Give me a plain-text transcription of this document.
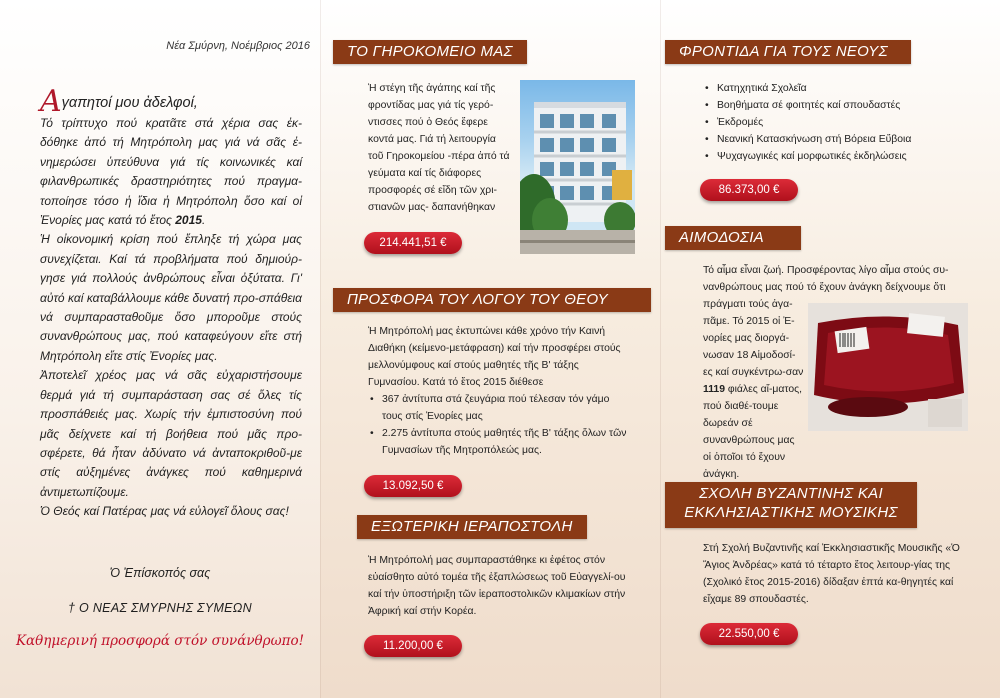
Νέα Σμύρνη, Νοέμβριος 2016
Αγαπητοί μου ἀδελφοί,

Τό τρίπτυχο πού κρατᾶτε στά χέρια σας ἐκ-δόθηκε ἀπό τή Μητρόπολη μας γιά νά σᾶς ἐ-νημερώσει ὑπεύθυνα γιά τίς κοινωνικές καί φιλανθρωπικές δραστηριότητες πού πραγμα-τοποίησε τόσο ἡ ἴδια ἡ Μητρόπολη ὅσο καί οἱ Ἐνορίες μας κατά τό ἔτος 2015.

Ἡ οἰκονομική κρίση πού ἔπληξε τή χώρα μας συνεχίζεται. Καί τά προβλήματα πού δημιούρ-γησε γιά πολλούς ἀνθρώπους εἶναι ὀξύτατα. Γι' αὐτό καί καταβάλλουμε κάθε δυνατή προ-σπάθεια νά συμπαρασταθοῦμε ὅσο μποροῦμε στούς συνανθρώπους μας, πού καταφεύγουν εἴτε στή Μητρόπολη εἴτε στίς Ἐνορίες μας.

Ἀποτελεῖ χρέος μας νά σᾶς εὐχαριστήσουμε θερμά γιά τή συμπαράσταση σας σέ ὅλες τίς προσπάθειές μας. Χωρίς τήν ἐμπιστοσύνη πού μᾶς δείχνετε καί τή βοήθεια πού μᾶς προ-σφέρετε, θά ἦταν ἀδύνατο νά ἀνταποκριθοῦ-με στίς αὐξημένες ἀνάγκες πού καθημερινά ἀντιμετωπίζουμε.

Ὁ Θεός καί Πατέρας μας νά εὐλογεῖ ὅλους σας!

Ὁ Ἐπίσκοπός σας
† Ο ΝΕΑΣ ΣΜΥΡΝΗΣ ΣΥΜΕΩΝ
Καθημερινή προσφορά στόν συνάνθρωπο!
ΤΟ ΓΗΡΟΚΟΜΕΙΟ ΜΑΣ
Ἡ στέγη τῆς ἀγάπης καί τῆς φροντίδας μας γιά τίς γερό-ντισσες πού ὁ Θεός ἔφερε κοντά μας. Γιά τή λειτουργία τοῦ Γηροκομείου -πέρα ἀπό τά γεύματα καί τίς διάφορες προσφορές σέ εἴδη τῶν χρι-στιανῶν μας- δαπανήθηκαν
214.441,51 €
ΠΡΟΣΦΟΡΑ ΤΟΥ ΛΟΓΟΥ ΤΟΥ ΘΕΟΥ
Ἡ Μητρόπολή μας ἐκτυπώνει κάθε χρόνο τήν Καινή Διαθήκη (κείμενο-μετάφραση) καί τήν προσφέρει στούς μελλονύμφους καί στούς μαθητές τῆς Β' τάξης Γυμνασίου. Κατά τό ἔτος 2015 διέθεσε
• 367 ἀντίτυπα στά ζευγάρια πού τέλεσαν τόν γάμο τους στίς Ἐνορίες μας
• 2.275 ἀντίτυπα στούς μαθητές τῆς Β' τάξης ὅλων τῶν Γυμνασίων τῆς Μητροπόλεώς μας.
13.092,50 €
ΕΞΩΤΕΡΙΚΗ ΙΕΡΑΠΟΣΤΟΛΗ
Ἡ Μητρόπολή μας συμπαραστάθηκε κι ἐφέτος στόν εὐαίσθητο αὐτό τομέα τῆς ἐξαπλώσεως τοῦ Εὐαγγελί-ου καί τήν ὑποστήριξη τῶν ἱεραποστολικῶν κλιμακίων στήν Ἀφρική καί στήν Κορέα.
11.200,00 €
ΦΡΟΝΤΙΔΑ ΓΙΑ ΤΟΥΣ ΝΕΟΥΣ
• Κατηχητικά Σχολεῖα
• Βοηθήματα σέ φοιτητές καί σπουδαστές
• Ἐκδρομές
• Νεανική Κατασκήνωση στή Βόρεια Εὔβοια
• Ψυχαγωγικές καί μορφωτικές ἐκδηλώσεις
86.373,00 €
ΑΙΜΟΔΟΣΙΑ
Τό αἷμα εἶναι ζωή. Προσφέροντας λίγο αἷμα στούς συ-νανθρώπους μας πού τό ἔχουν ἀνάγκη δείχνουμε ὅτι πράγματι τούς ἀγα-
πᾶμε. Τό 2015 οἱ Ἐ-νορίες μας διοργά-νωσαν 18 Αἱμοδοσί-ες καί συγκέντρω-σαν 1119 φιάλες αἵ-ματος, πού διαθέ-τουμε δωρεάν σέ συνανθρώπους μας οἱ ὁποῖοι τό ἔχουν ἀνάγκη.
ΣΧΟΛΗ ΒΥΖΑΝΤΙΝΗΣ ΚΑΙ
ΕΚΚΛΗΣΙΑΣΤΙΚΗΣ ΜΟΥΣΙΚΗΣ
Στή Σχολή Βυζαντινῆς καί Ἐκκλησιαστικῆς Μουσικῆς «Ὁ Ἅγιος Ἀνδρέας» κατά τό τέταρτο ἔτος λειτουρ-γίας της (Σχολικό ἔτος 2015-2016) δίδαξαν ἑπτά κα-θηγητές καί εἴχαμε 89 σπουδαστές.
22.550,00 €
